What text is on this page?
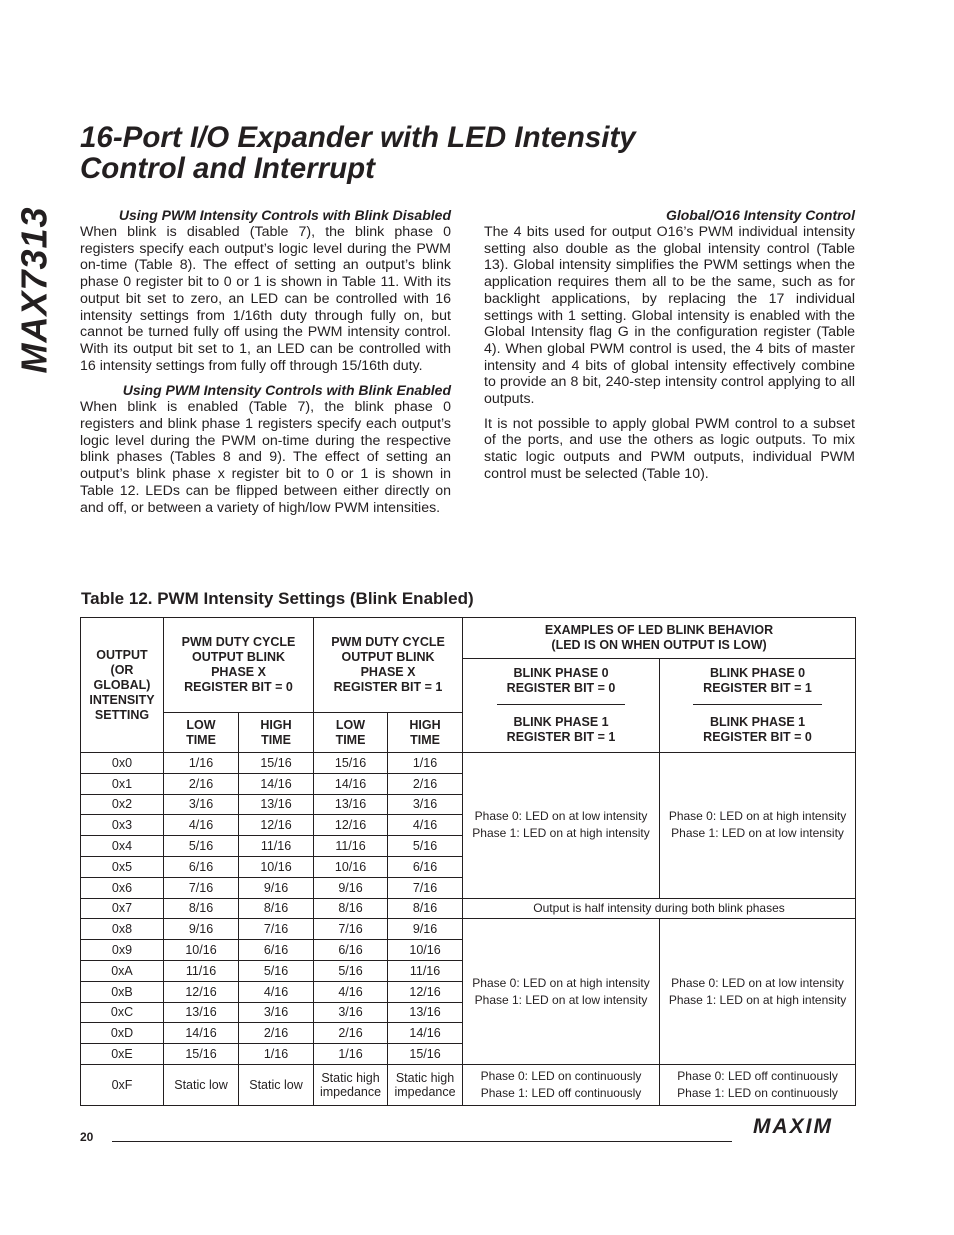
MAX7313
16-Port I/O Expander with LED Intensity
Control and Interrupt
Using PWM Intensity Controls with Blink Disabled

When blink is disabled (Table 7), the blink phase 0 registers specify each output’s logic level during the PWM on-time (Table 8). The effect of setting an output’s blink phase 0 register bit to 0 or 1 is shown in Table 11. With its output bit set to zero, an LED can be controlled with 16 intensity settings from 1/16th duty through fully on, but cannot be turned fully off using the PWM intensity control. With its output bit set to 1, an LED can be controlled with 16 intensity settings from fully off through 15/16th duty.

Using PWM Intensity Controls with Blink Enabled

When blink is enabled (Table 7), the blink phase 0 registers and blink phase 1 registers specify each output’s logic level during the PWM on-time during the respective blink phases (Tables 8 and 9). The effect of setting an output’s blink phase x register bit to 0 or 1 is shown in Table 12. LEDs can be flipped between either directly on and off, or between a variety of high/low PWM intensities.

Global/O16 Intensity Control

The 4 bits used for output O16’s PWM individual intensity setting also double as the global intensity control (Table 13). Global intensity simplifies the PWM settings when the application requires them all to be the same, such as for backlight applications, by replacing the 17 individual settings with 1 setting. Global intensity is enabled with the Global Intensity flag G in the configuration register (Table 4). When global PWM control is used, the 4 bits of master intensity and 4 bits of global intensity effectively combine to provide an 8 bit, 240-step intensity control applying to all outputs.

It is not possible to apply global PWM control to a subset of the ports, and use the others as logic outputs. To mix static logic outputs and PWM outputs, individual PWM control must be selected (Table 10).

Table 12. PWM Intensity Settings (Blink Enabled)
OUTPUT
(OR
GLOBAL)
INTENSITY
SETTING	PWM DUTY CYCLE
OUTPUT BLINK
PHASE X
REGISTER BIT = 0		PWM DUTY CYCLE
OUTPUT BLINK
PHASE X
REGISTER BIT = 1		EXAMPLES OF LED BLINK BEHAVIOR
(LED IS ON WHEN OUTPUT IS LOW)	
					BLINK PHASE 0
REGISTER BIT = 0
BLINK PHASE 1
REGISTER BIT = 1	BLINK PHASE 0
REGISTER BIT = 1
BLINK PHASE 1
REGISTER BIT = 0
	LOW
TIME	HIGH
TIME	LOW
TIME	HIGH
TIME		
0x0	1/16	15/16	15/16	1/16	Phase 0: LED on at low intensity
Phase 1: LED on at high intensity	Phase 0: LED on at high intensity
Phase 1: LED on at low intensity
0x1	2/16	14/16	14/16	2/16		
0x2	3/16	13/16	13/16	3/16		
0x3	4/16	12/16	12/16	4/16		
0x4	5/16	11/16	11/16	5/16		
0x5	6/16	10/16	10/16	6/16		
0x6	7/16	9/16	9/16	7/16		
0x7	8/16	8/16	8/16	8/16	Output is half intensity during both blink phases	
0x8	9/16	7/16	7/16	9/16	Phase 0: LED on at high intensity
Phase 1: LED on at low intensity	Phase 0: LED on at low intensity
Phase 1: LED on at high intensity
0x9	10/16	6/16	6/16	10/16		
0xA	11/16	5/16	5/16	11/16		
0xB	12/16	4/16	4/16	12/16		
0xC	13/16	3/16	3/16	13/16		
0xD	14/16	2/16	2/16	14/16		
0xE	15/16	1/16	1/16	15/16		
0xF	Static low	Static low	Static high
impedance	Static high
impedance	Phase 0: LED on continuously
Phase 1: LED off continuously	Phase 0: LED off continuously
Phase 1: LED on continuously
20	MAXIM
